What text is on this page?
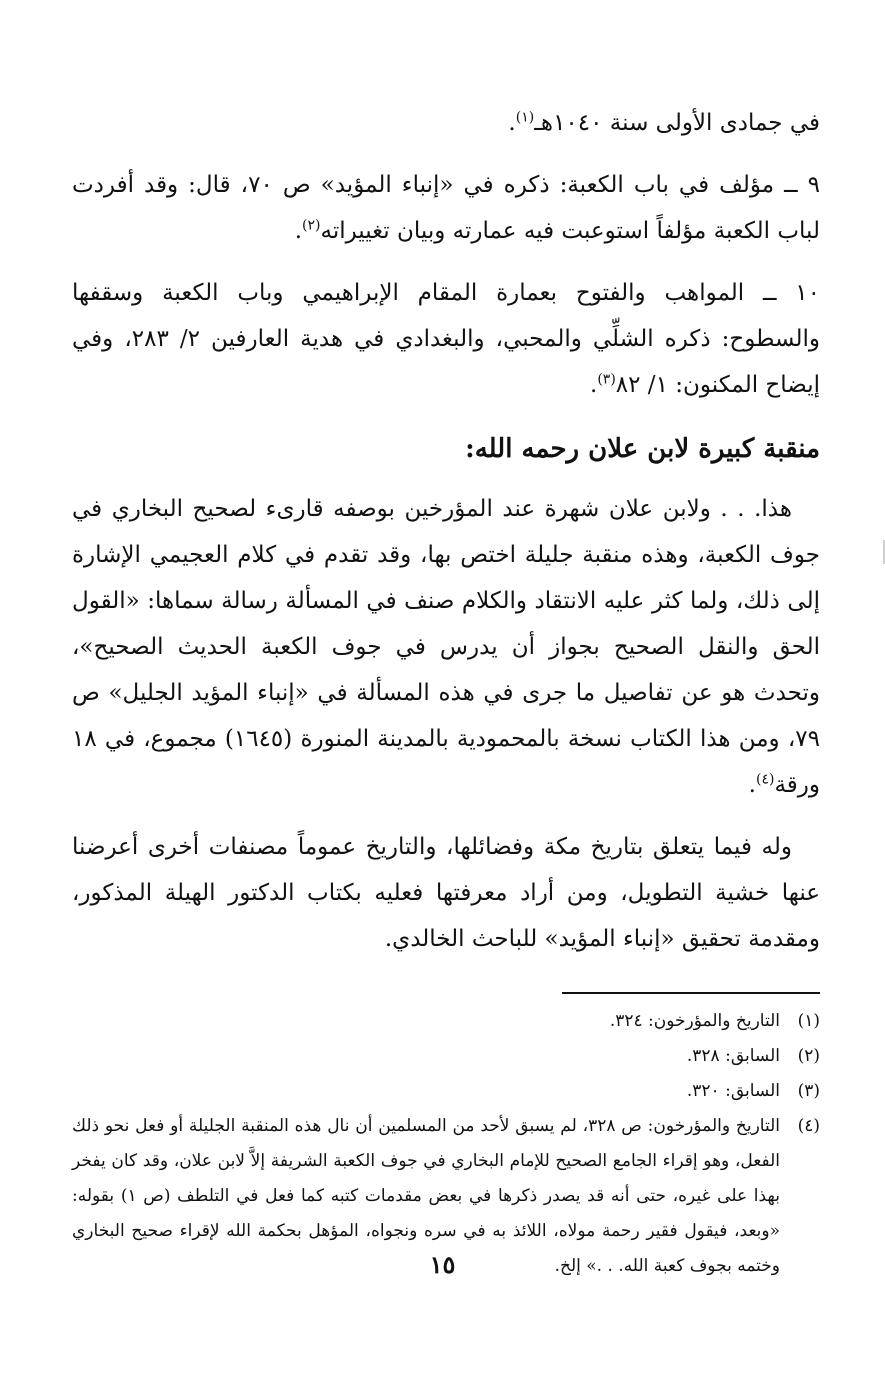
في جمادى الأولى سنة ١٠٤٠هـ$^{(١)}$.

٩ ــ مؤلف في باب الكعبة: ذكره في «إنباء المؤيد» ص ٧٠، قال: وقد أفردت لباب الكعبة مؤلفاً استوعبت فيه عمارته وبيان تغييراته$^{(٢)}$.

١٠ ــ المواهب والفتوح بعمارة المقام الإبراهيمي وباب الكعبة وسقفها والسطوح: ذكره الشلِّي والمحبي، والبغدادي في هدية العارفين ٢/ ٢٨٣، وفي إيضاح المكنون: ١/ ٨٢$^{(٣)}$.

منقبة كبيرة لابن علان رحمه الله:

هذا. . . ولابن علان شهرة عند المؤرخين بوصفه قارىء لصحيح البخاري في جوف الكعبة، وهذه منقبة جليلة اختص بها، وقد تقدم في كلام العجيمي الإشارة إلى ذلك، ولما كثر عليه الانتقاد والكلام صنف في المسألة رسالة سماها: «القول الحق والنقل الصحيح بجواز أن يدرس في جوف الكعبة الحديث الصحيح»، وتحدث هو عن تفاصيل ما جرى في هذه المسألة في «إنباء المؤيد الجليل» ص ٧٩، ومن هذا الكتاب نسخة بالمحمودية بالمدينة المنورة (١٦٤٥) مجموع، في ١٨ ورقة$^{(٤)}$.

وله فيما يتعلق بتاريخ مكة وفضائلها، والتاريخ عموماً مصنفات أخرى أعرضنا عنها خشية التطويل، ومن أراد معرفتها فعليه بكتاب الدكتور الهيلة المذكور، ومقدمة تحقيق «إنباء المؤيد» للباحث الخالدي.

(١)
التاريخ والمؤرخون: ٣٢٤.
(٢)
السابق: ٣٢٨.
(٣)
السابق: ٣٢٠.
(٤)
التاريخ والمؤرخون: ص ٣٢٨، لم يسبق لأحد من المسلمين أن نال هذه المنقبة الجليلة أو فعل نحو ذلك الفعل، وهو إقراء الجامع الصحيح للإمام البخاري في جوف الكعبة الشريفة إلاَّ لابن علان، وقد كان يفخر بهذا على غيره، حتى أنه قد يصدر ذكرها في بعض مقدمات كتبه كما فعل في التلطف (ص ١) بقوله: «وبعد، فيقول فقير رحمة مولاه، اللائذ به في سره ونجواه، المؤهل بحكمة الله لإقراء صحيح البخاري وختمه بجوف كعبة الله. . .» إلخ.
١٥
